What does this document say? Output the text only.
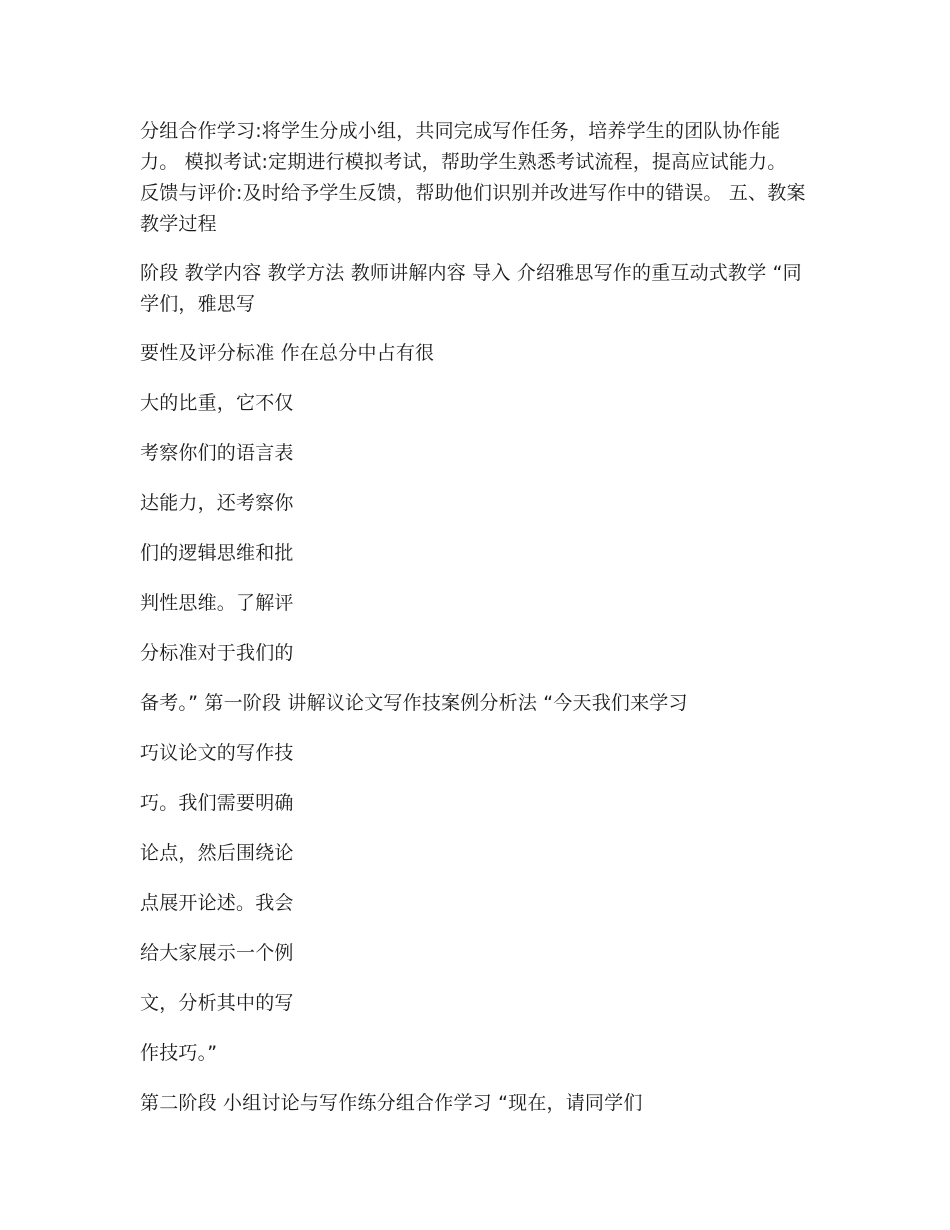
分组合作学习:将学生分成小组，共同完成写作任务，培养学生的团队协作能力。 模拟考试:定期进行模拟考试，帮助学生熟悉考试流程，提高应试能力。 反馈与评价:及时给予学生反馈，帮助他们识别并改进写作中的错误。 五、教案教学过程

阶段 教学内容 教学方法 教师讲解内容 导入 介绍雅思写作的重互动式教学 “同学们，雅思写

要性及评分标准 作在总分中占有很
大的比重，它不仅
考察你们的语言表
达能力，还考察你
们的逻辑思维和批
判性思维。了解评
分标准对于我们的
备考。” 第一阶段 讲解议论文写作技案例分析法 “今天我们来学习
巧议论文的写作技
巧。我们需要明确
论点，然后围绕论
点展开论述。我会
给大家展示一个例
文，分析其中的写
作技巧。”
第二阶段 小组讨论与写作练分组合作学习 “现在，请同学们
